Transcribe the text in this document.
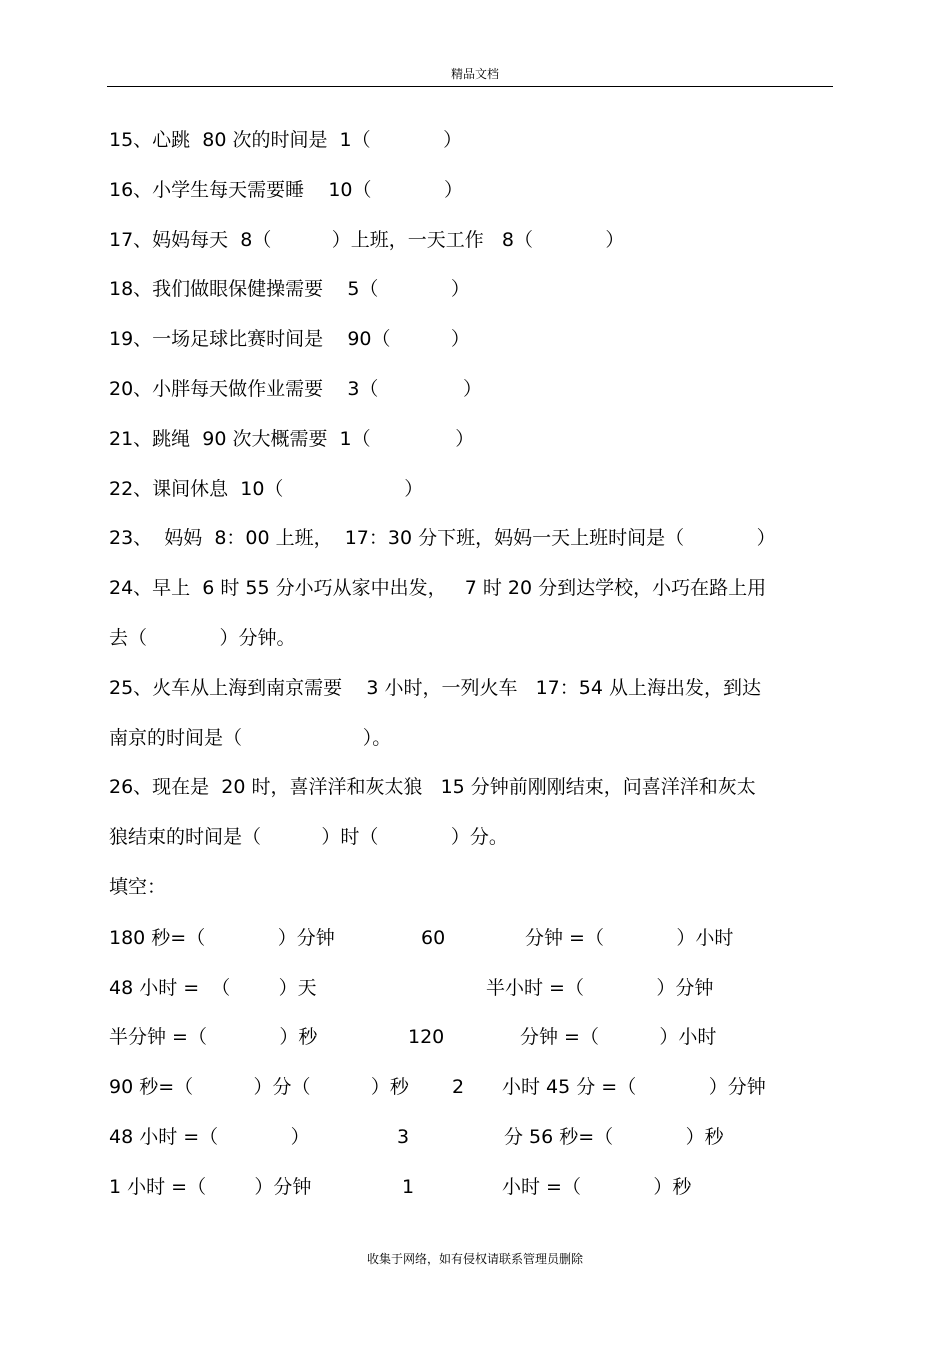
精品文档
15、心跳  80 次的时间是  1（            ）
16、小学生每天需要睡    10（            ）
17、妈妈每天  8（          ）上班，一天工作   8（            ）
18、我们做眼保健操需要    5（            ）
19、一场足球比赛时间是    90（          ）
20、小胖每天做作业需要    3（              ）
21、跳绳  90 次大概需要  1（              ）
22、课间休息  10（                    ）
23、  妈妈  8：00 上班，  17：30 分下班，妈妈一天上班时间是（            ）
24、早上  6 时 55 分小巧从家中出发，   7 时 20 分到达学校，小巧在路上用
去（            ）分钟。
25、火车从上海到南京需要    3 小时，一列火车   17：54 从上海出发，到达
南京的时间是（                    ）。
26、现在是  20 时，喜洋洋和灰太狼   15 分钟前刚刚结束，问喜洋洋和灰太
狼结束的时间是（          ）时（            ）分。
填空：
180 秒=（            ）分钟	60	分钟 =（            ）小时
48 小时 =  （        ）天	半小时 =（            ）分钟
半分钟 =（            ）秒	120	分钟 =（          ）小时
90 秒=（          ）分（          ）秒 2 小时 45 分 =（            ）分钟
48 小时 =（            ）	3	分 56 秒=（            ）秒
1 小时 =（        ）分钟	1	小时 =（            ）秒
收集于网络，如有侵权请联系管理员删除
